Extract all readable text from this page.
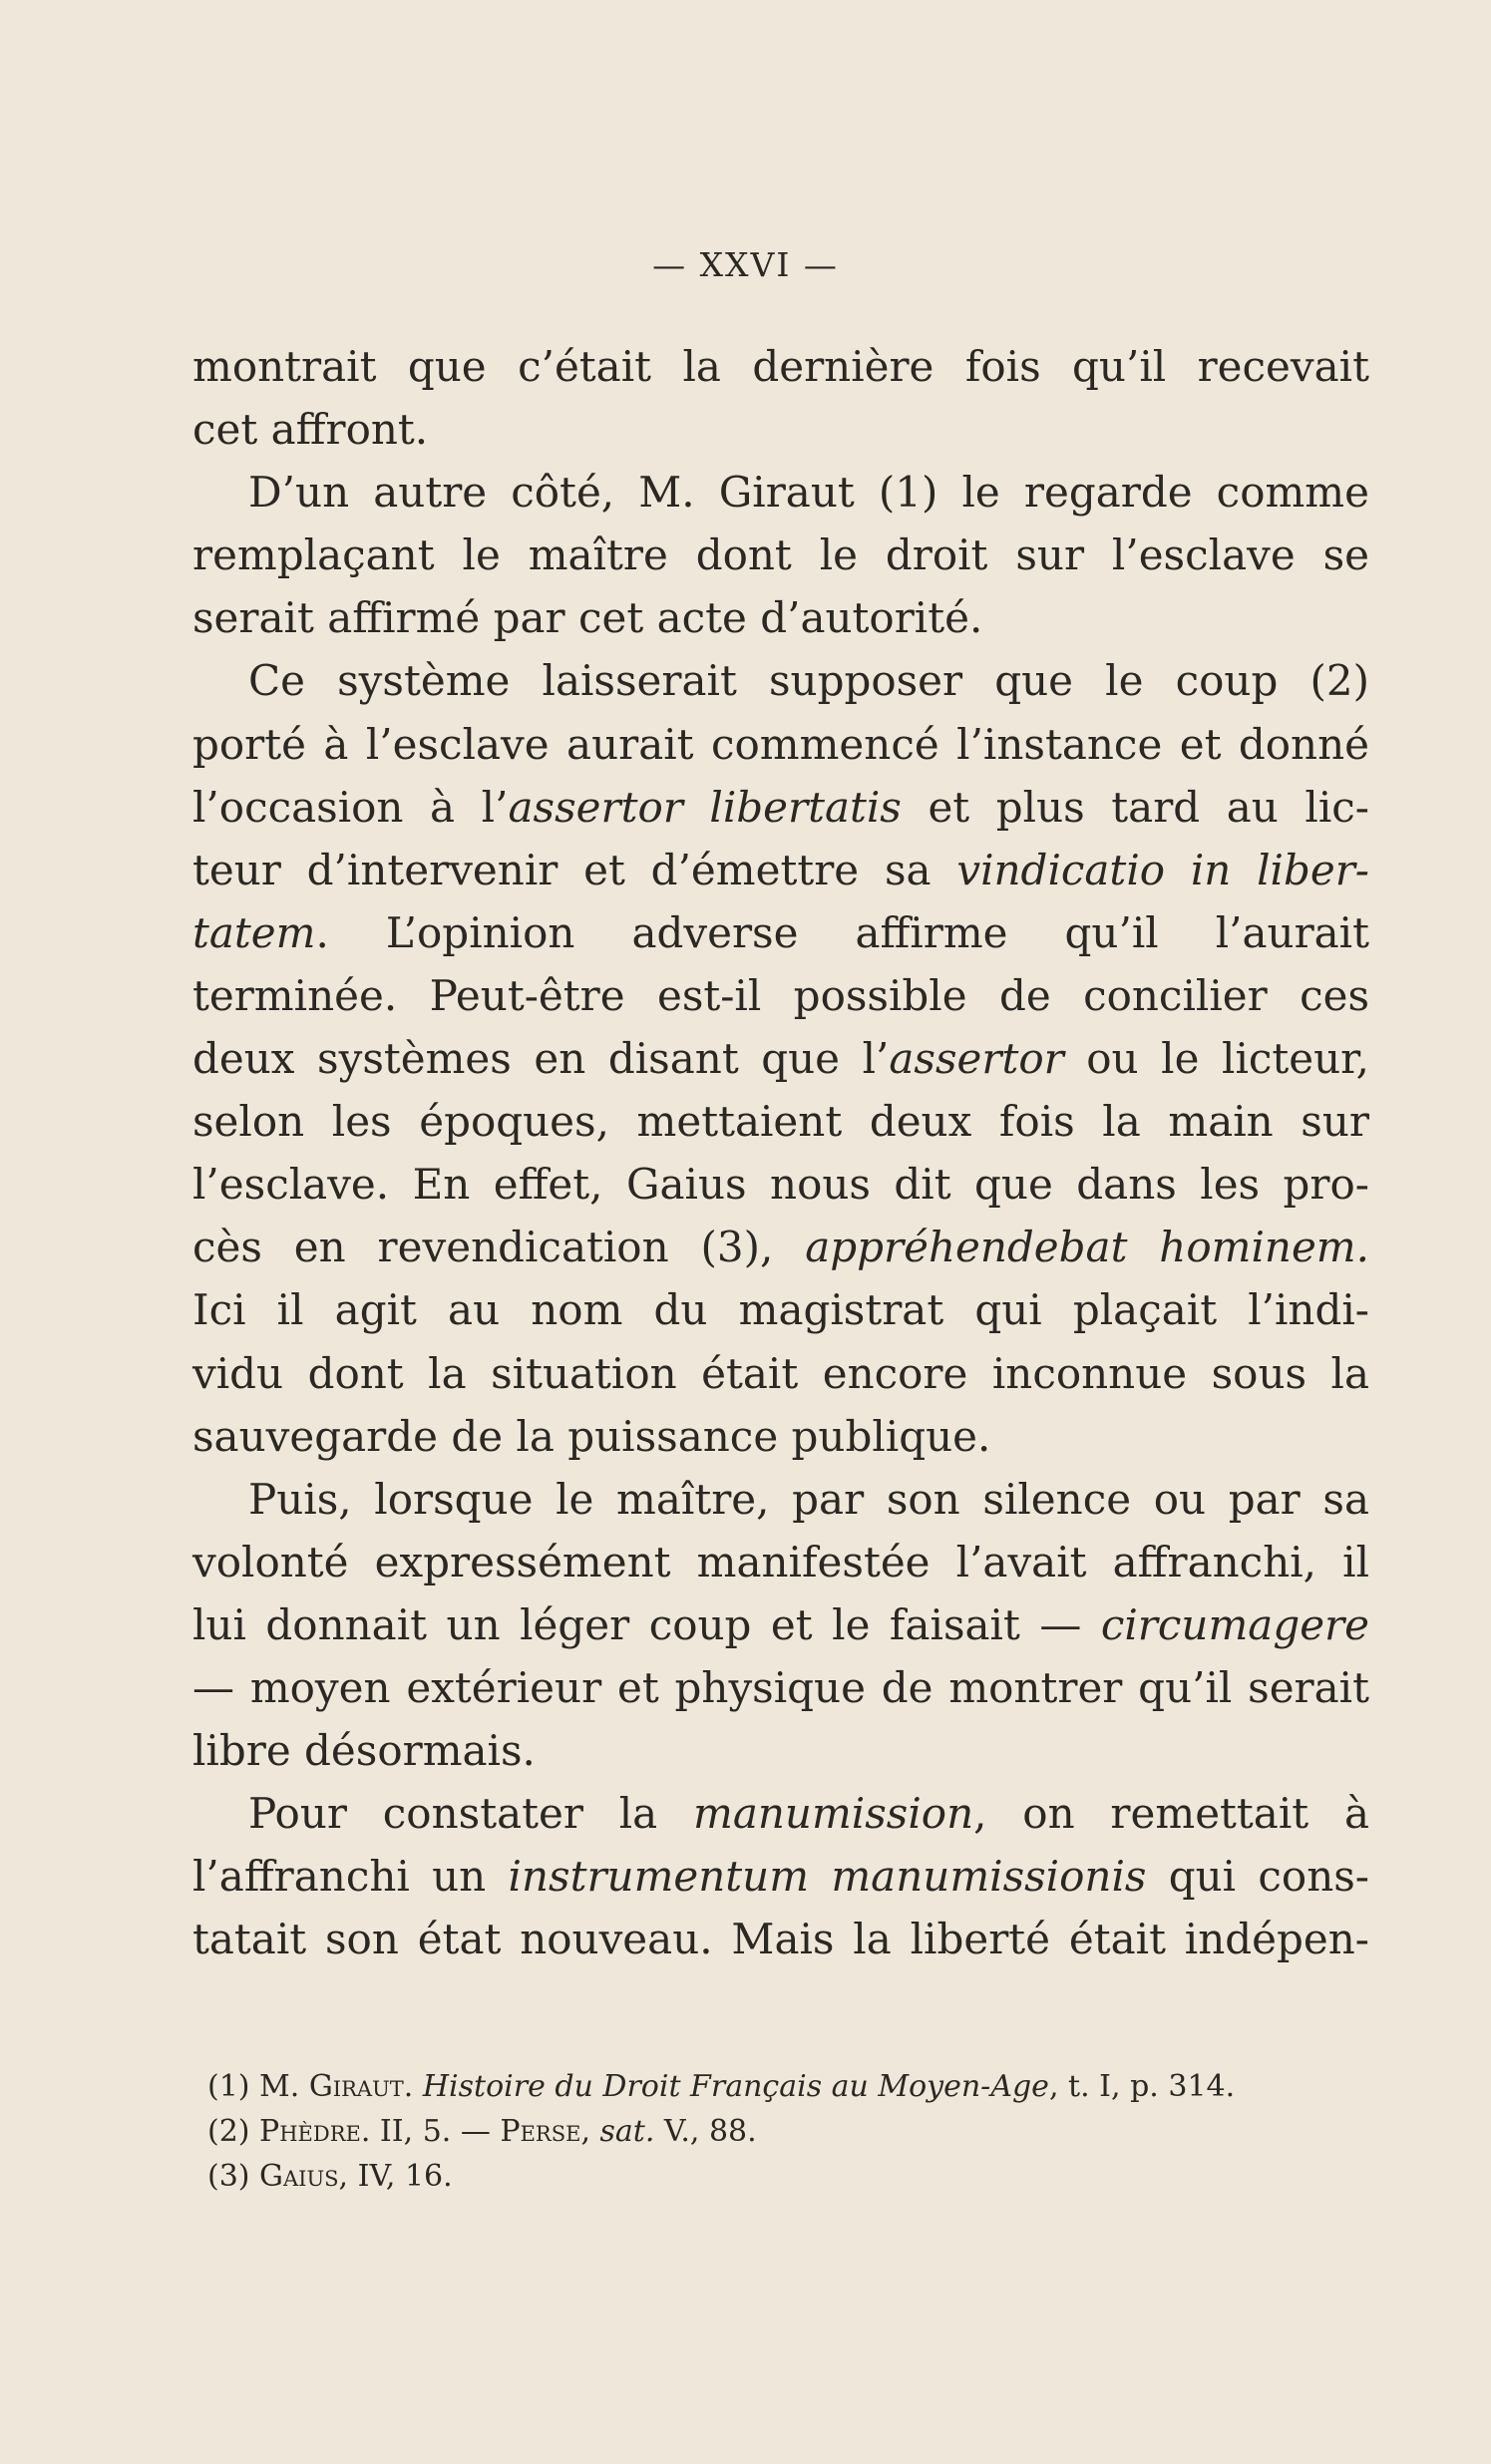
— XXVI —

montrait que c’était la dernière fois qu’il recevait
cet affront.

D’un autre côté, M. Giraut (1) le regarde comme
remplaçant le maître dont le droit sur l’esclave se
serait affirmé par cet acte d’autorité.

Ce système laisserait supposer que le coup (2)
porté à l’esclave aurait commencé l’instance et donné
l’occasion à l’assertor libertatis et plus tard au lic-
teur d’intervenir et d’émettre sa vindicatio in liber-
tatem. L’opinion adverse affirme qu’il l’aurait
terminée. Peut-être est-il possible de concilier ces
deux systèmes en disant que l’assertor ou le licteur,
selon les époques, mettaient deux fois la main sur
l’esclave. En effet, Gaius nous dit que dans les pro-
cès en revendication (3), appréhendebat hominem.
Ici il agit au nom du magistrat qui plaçait l’indi-
vidu dont la situation était encore inconnue sous la
sauvegarde de la puissance publique.

Puis, lorsque le maître, par son silence ou par sa
volonté expressément manifestée l’avait affranchi, il
lui donnait un léger coup et le faisait — circumagere
— moyen extérieur et physique de montrer qu’il serait
libre désormais.

Pour constater la manumission, on remettait à
l’affranchi un instrumentum manumissionis qui cons-
tatait son état nouveau. Mais la liberté était indépen-

(1) M. Giraut. Histoire du Droit Français au Moyen-Age, t. I, p. 314.
(2) Phèdre. II, 5. — Perse, sat. V., 88.
(3) Gaius, IV, 16.
